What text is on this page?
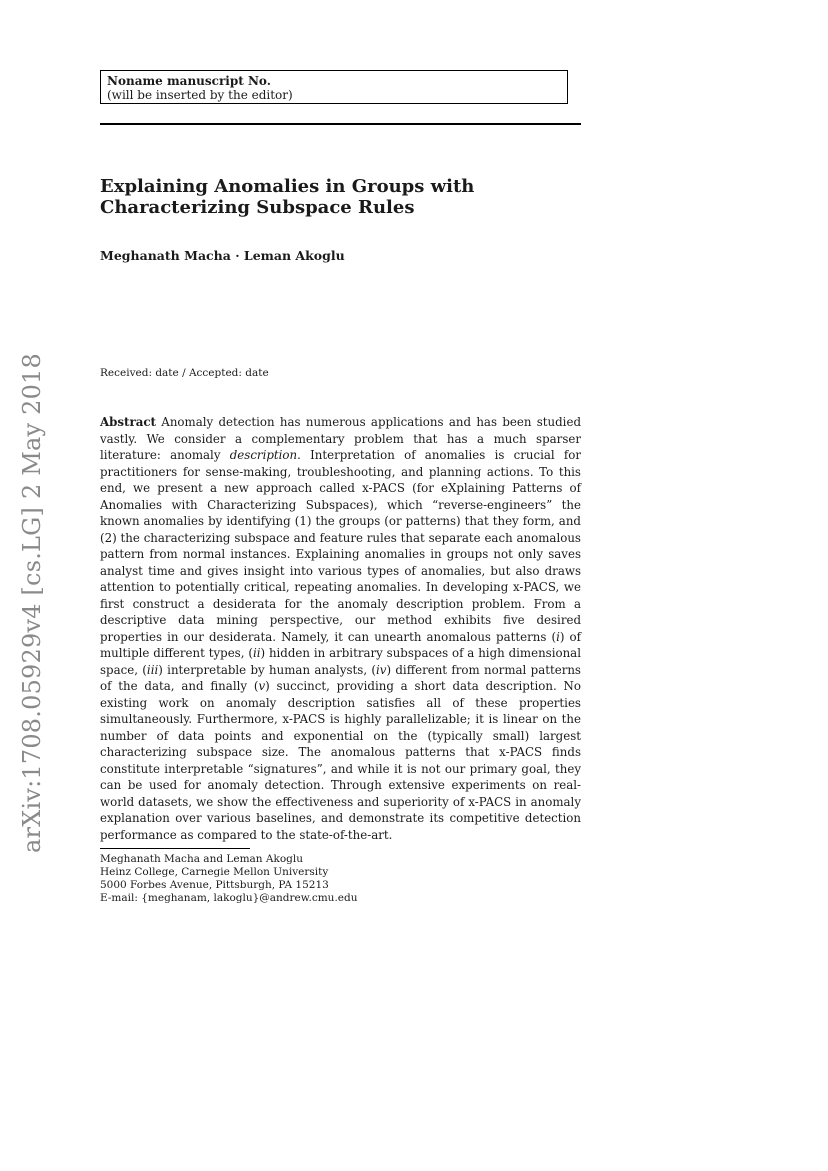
arXiv:1708.05929v4 [cs.LG] 2 May 2018
Noname manuscript No.
(will be inserted by the editor)
Explaining Anomalies in Groups with Characterizing Subspace Rules
Meghanath Macha · Leman Akoglu
Received: date / Accepted: date

Abstract Anomaly detection has numerous applications and has been studied vastly. We consider a complementary problem that has a much sparser literature: anomaly description. Interpretation of anomalies is crucial for practitioners for sense-making, troubleshooting, and planning actions. To this end, we present a new approach called x-PACS (for eXplaining Patterns of Anomalies with Characterizing Subspaces), which “reverse-engineers” the known anomalies by identifying (1) the groups (or patterns) that they form, and (2) the characterizing subspace and feature rules that separate each anomalous pattern from normal instances. Explaining anomalies in groups not only saves analyst time and gives insight into various types of anomalies, but also draws attention to potentially critical, repeating anomalies. In developing x-PACS, we first construct a desiderata for the anomaly description problem. From a descriptive data mining perspective, our method exhibits five desired properties in our desiderata. Namely, it can unearth anomalous patterns (i) of multiple different types, (ii) hidden in arbitrary subspaces of a high dimensional space, (iii) interpretable by human analysts, (iv) different from normal patterns of the data, and finally (v) succinct, providing a short data description. No existing work on anomaly description satisfies all of these properties simultaneously. Furthermore, x-PACS is highly parallelizable; it is linear on the number of data points and exponential on the (typically small) largest characterizing subspace size. The anomalous patterns that x-PACS finds constitute interpretable “signatures”, and while it is not our primary goal, they can be used for anomaly detection. Through extensive experiments on real-world datasets, we show the effectiveness and superiority of x-PACS in anomaly explanation over various baselines, and demonstrate its competitive detection performance as compared to the state-of-the-art.

Meghanath Macha and Leman Akoglu
Heinz College, Carnegie Mellon University
5000 Forbes Avenue, Pittsburgh, PA 15213
E-mail: {meghanam, lakoglu}@andrew.cmu.edu
